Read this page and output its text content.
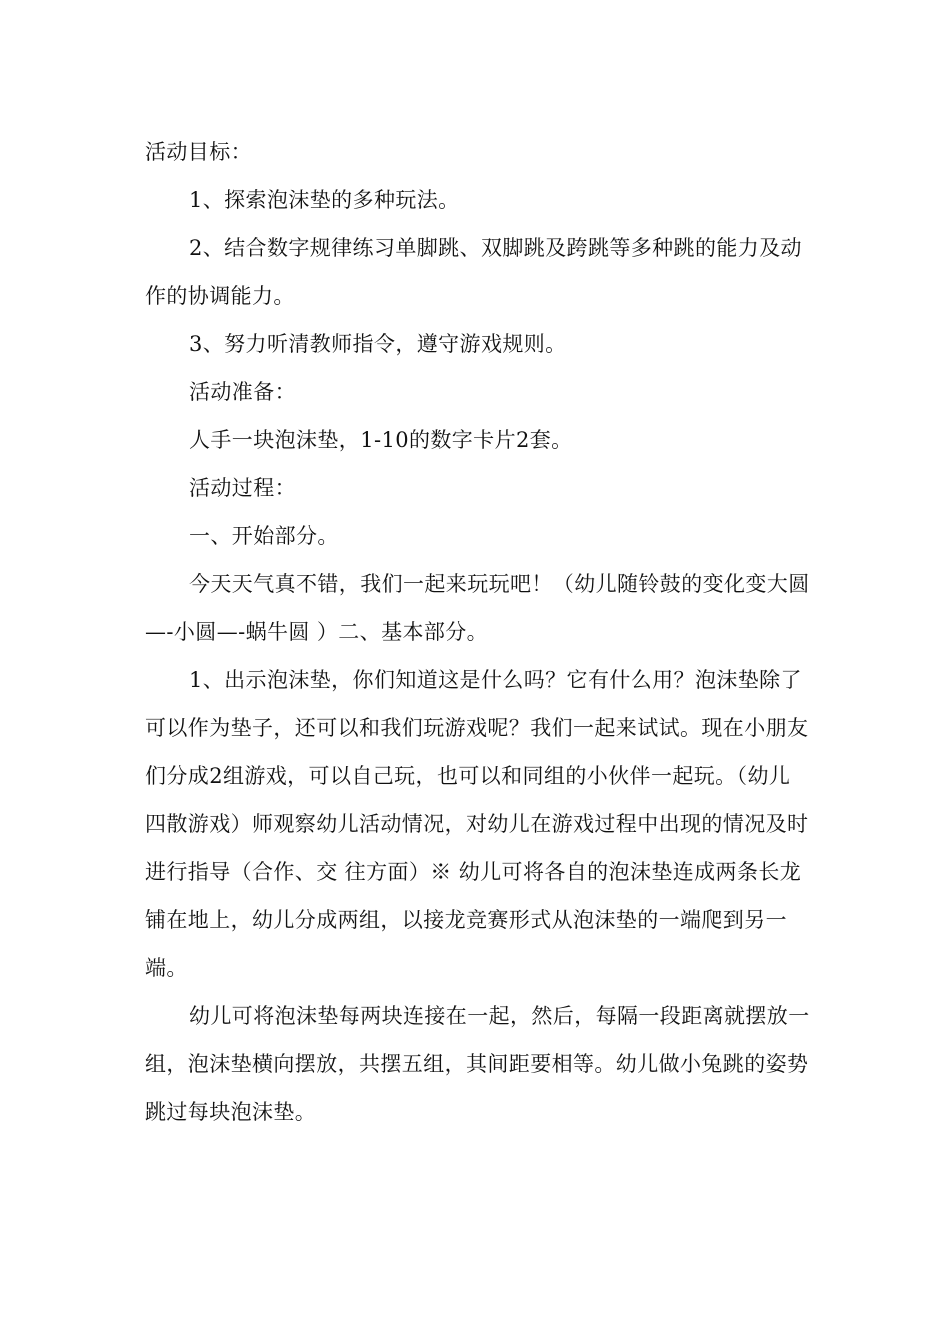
活动目标：

1、探索泡沫垫的多种玩法。

2、结合数字规律练习单脚跳、双脚跳及跨跳等多种跳的能力及动作的协调能力。

3、努力听清教师指令，遵守游戏规则。

活动准备：

人手一块泡沫垫，1-10的数字卡片2套。

活动过程：

一、开始部分。

今天天气真不错，我们一起来玩玩吧！（幼儿随铃鼓的变化变大圆—-小圆—-蜗牛圆 ）二、基本部分。

1、出示泡沫垫，你们知道这是什么吗？它有什么用？泡沫垫除了可以作为垫子，还可以和我们玩游戏呢？我们一起来试试。现在小朋友们分成2组游戏，可以自己玩，也可以和同组的小伙伴一起玩。（幼儿四散游戏）师观察幼儿活动情况，对幼儿在游戏过程中出现的情况及时进行指导（合作、交 往方面）※ 幼儿可将各自的泡沫垫连成两条长龙铺在地上，幼儿分成两组，以接龙竞赛形式从泡沫垫的一端爬到另一端。

幼儿可将泡沫垫每两块连接在一起，然后，每隔一段距离就摆放一组，泡沫垫横向摆放，共摆五组，其间距要相等。幼儿做小兔跳的姿势跳过每块泡沫垫。
